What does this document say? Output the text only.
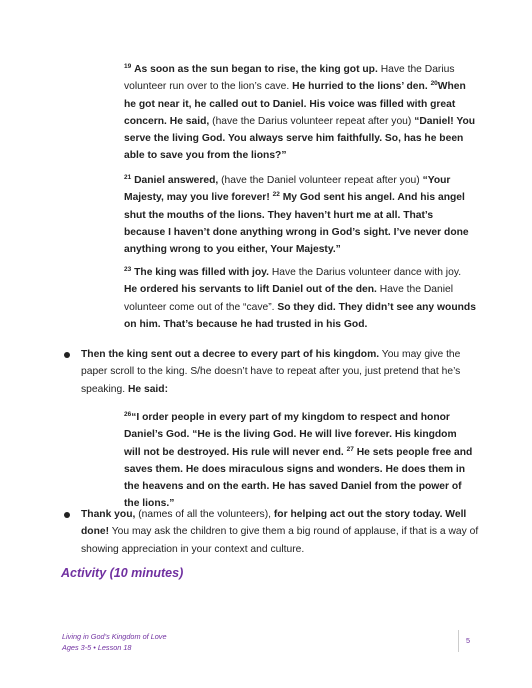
$^{19}$ As soon as the sun began to rise, the king got up. Have the Darius volunteer run over to the lion’s cave. He hurried to the lions’ den. $^{20}$When he got near it, he called out to Daniel. His voice was filled with great concern. He said, (have the Darius volunteer repeat after you) “Daniel! You serve the living God. You always serve him faithfully. So, has he been able to save you from the lions?”

$^{21}$ Daniel answered, (have the Daniel volunteer repeat after you) “Your Majesty, may you live forever! $^{22}$ My God sent his angel. And his angel shut the mouths of the lions. They haven’t hurt me at all. That’s because I haven’t done anything wrong in God’s sight. I’ve never done anything wrong to you either, Your Majesty.”

$^{23}$ The king was filled with joy. Have the Darius volunteer dance with joy. He ordered his servants to lift Daniel out of the den. Have the Daniel volunteer come out of the “cave”. So they did. They didn’t see any wounds on him. That’s because he had trusted in his God.

Then the king sent out a decree to every part of his kingdom. You may give the paper scroll to the king. S/he doesn’t have to repeat after you, just pretend that he’s speaking. He said:

$^{26}$“I order people in every part of my kingdom to respect and honor Daniel’s God. “He is the living God. He will live forever. His kingdom will not be destroyed. His rule will never end. $^{27}$ He sets people free and saves them. He does miraculous signs and wonders. He does them in the heavens and on the earth. He has saved Daniel from the power of the lions.”

Thank you, (names of all the volunteers), for helping act out the story today. Well done! You may ask the children to give them a big round of applause, if that is a way of showing appreciation in your context and culture.

Activity (10 minutes)
Living in God’s Kingdom of Love
Ages 3-5 • Lesson 18
5
